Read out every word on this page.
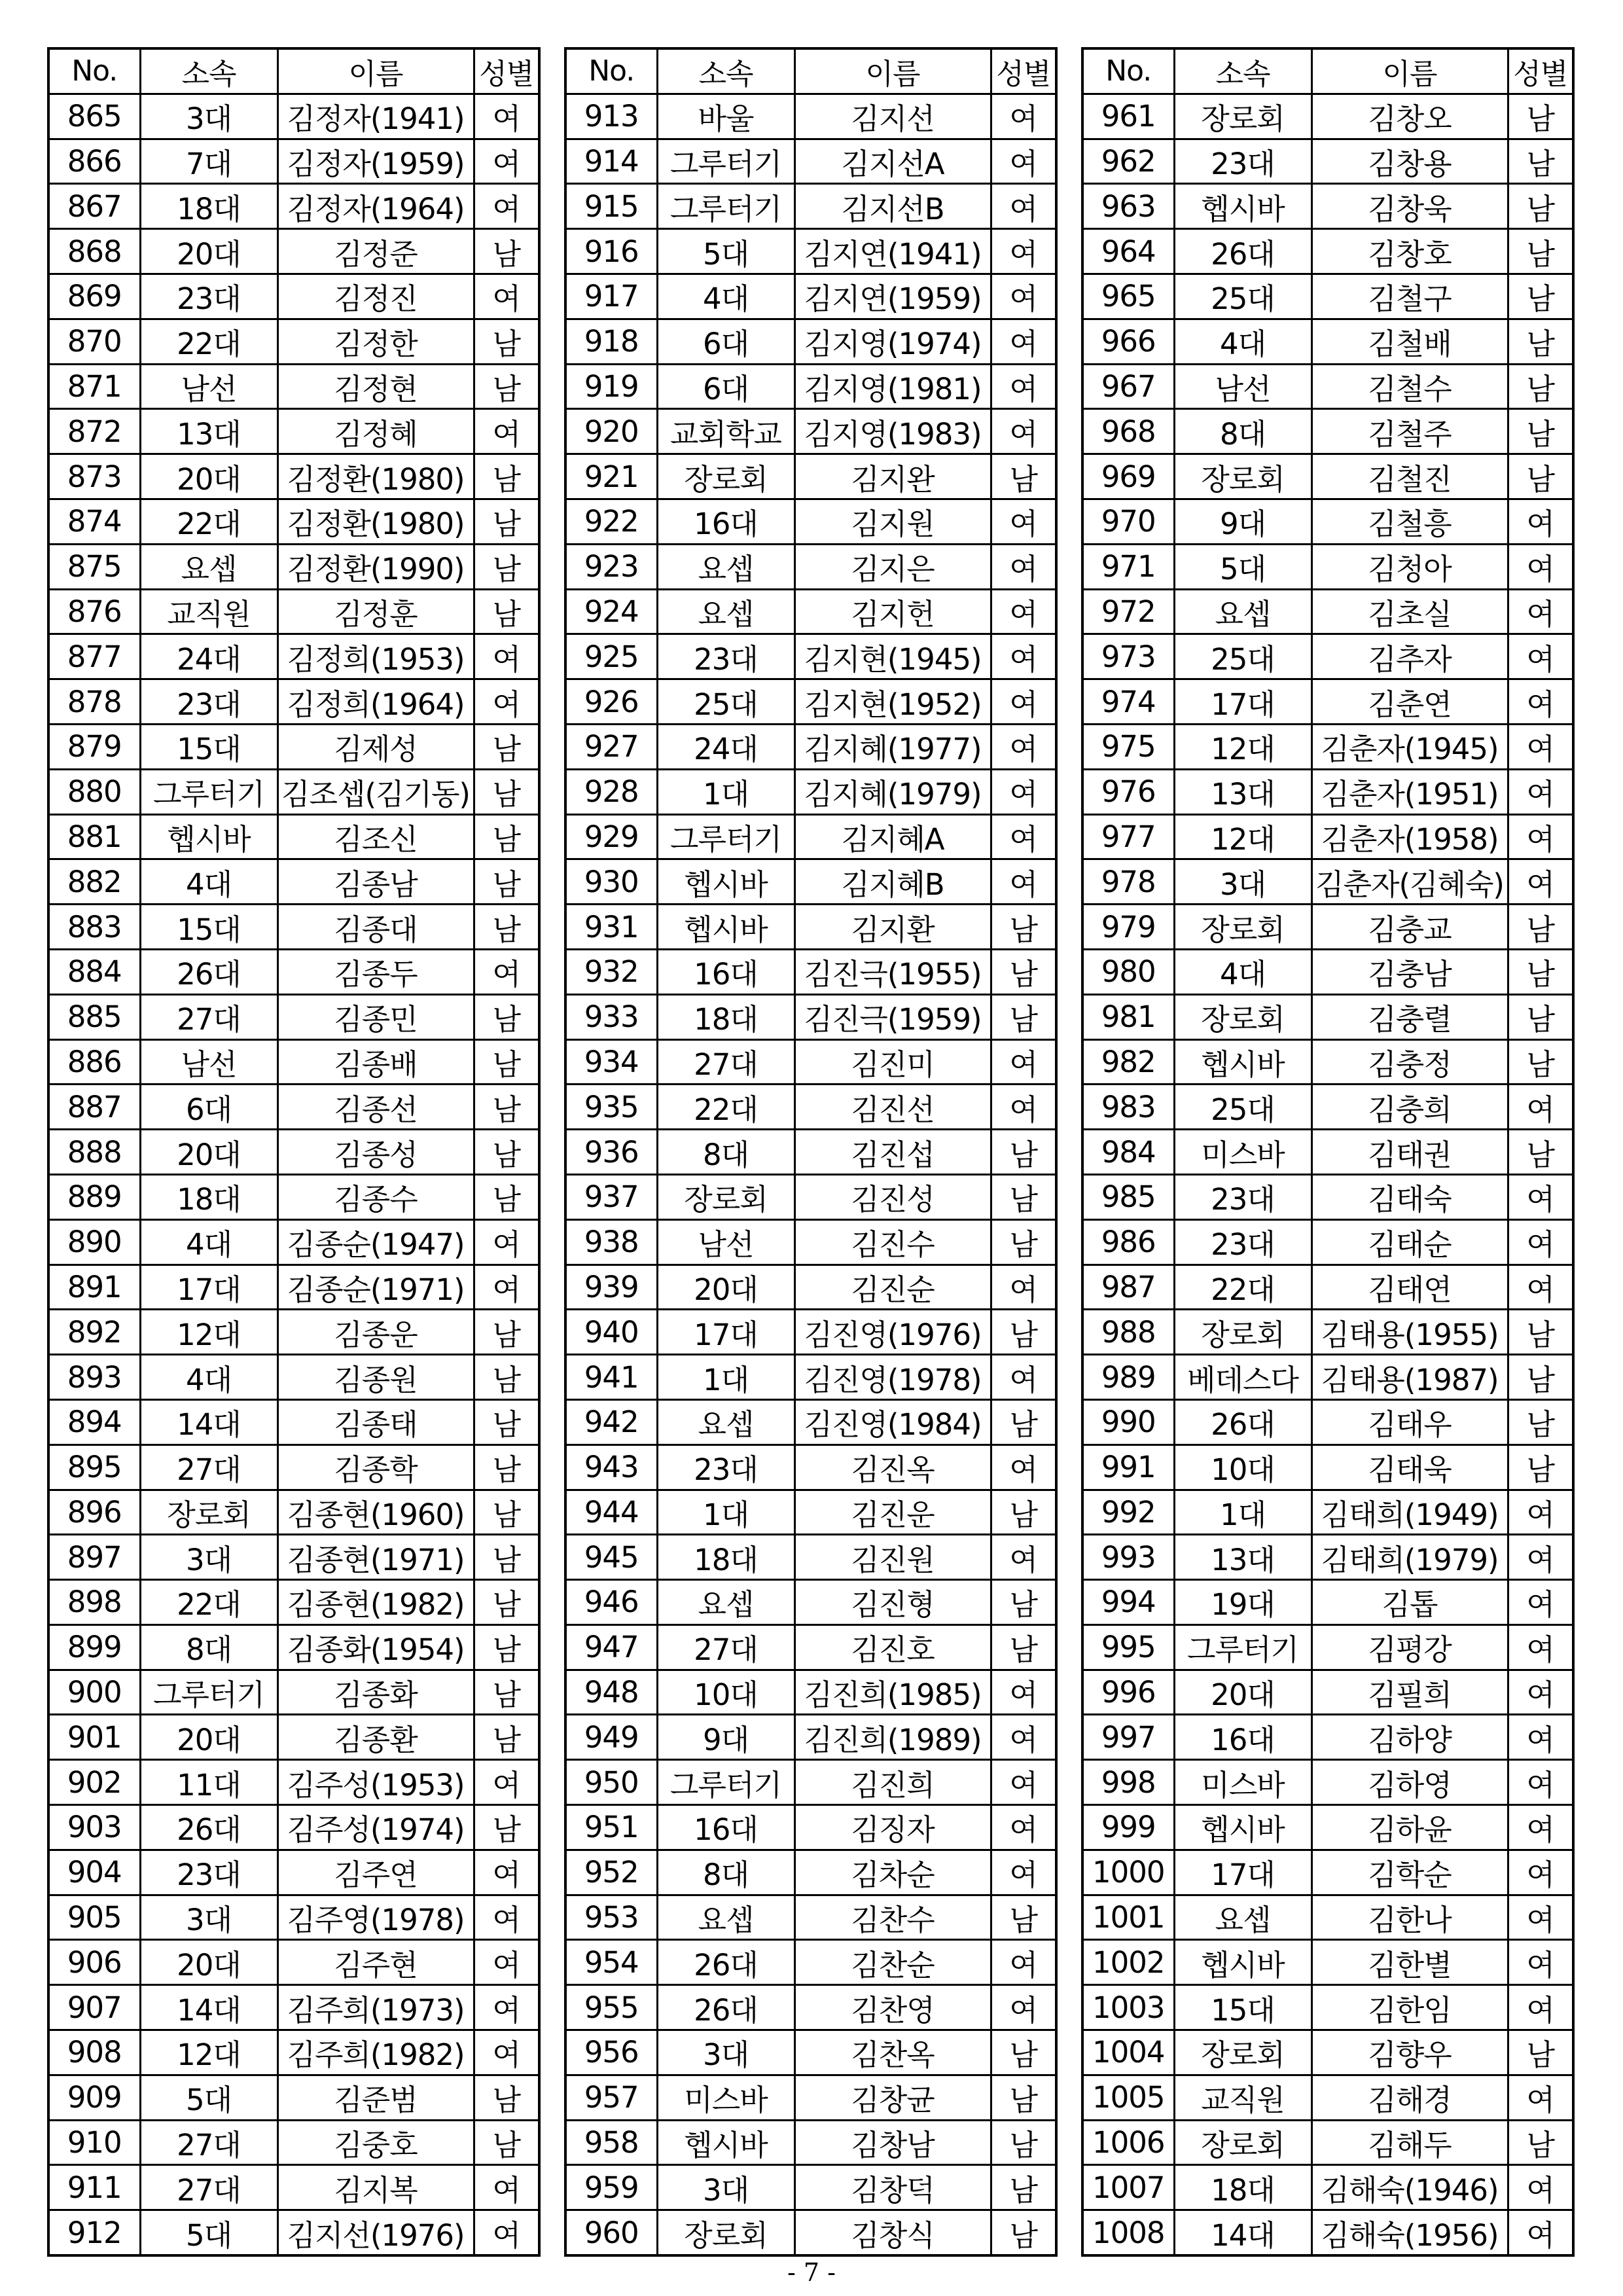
No.	소속	이름	성별
865	3대	김정자(1941)	여
866	7대	김정자(1959)	여
867	18대	김정자(1964)	여
868	20대	김정준	남
869	23대	김정진	여
870	22대	김정한	남
871	남선	김정현	남
872	13대	김정혜	여
873	20대	김정환(1980)	남
874	22대	김정환(1980)	남
875	요셉	김정환(1990)	남
876	교직원	김정훈	남
877	24대	김정희(1953)	여
878	23대	김정희(1964)	여
879	15대	김제성	남
880	그루터기	김조셉(김기동)	남
881	헵시바	김조신	남
882	4대	김종남	남
883	15대	김종대	남
884	26대	김종두	여
885	27대	김종민	남
886	남선	김종배	남
887	6대	김종선	남
888	20대	김종성	남
889	18대	김종수	남
890	4대	김종순(1947)	여
891	17대	김종순(1971)	여
892	12대	김종운	남
893	4대	김종원	남
894	14대	김종태	남
895	27대	김종학	남
896	장로회	김종현(1960)	남
897	3대	김종현(1971)	남
898	22대	김종현(1982)	남
899	8대	김종화(1954)	남
900	그루터기	김종화	남
901	20대	김종환	남
902	11대	김주성(1953)	여
903	26대	김주성(1974)	남
904	23대	김주연	여
905	3대	김주영(1978)	여
906	20대	김주현	여
907	14대	김주희(1973)	여
908	12대	김주희(1982)	여
909	5대	김준범	남
910	27대	김중호	남
911	27대	김지복	여
912	5대	김지선(1976)	여
No.	소속	이름	성별
913	바울	김지선	여
914	그루터기	김지선A	여
915	그루터기	김지선B	여
916	5대	김지연(1941)	여
917	4대	김지연(1959)	여
918	6대	김지영(1974)	여
919	6대	김지영(1981)	여
920	교회학교	김지영(1983)	여
921	장로회	김지완	남
922	16대	김지원	여
923	요셉	김지은	여
924	요셉	김지헌	여
925	23대	김지현(1945)	여
926	25대	김지현(1952)	여
927	24대	김지혜(1977)	여
928	1대	김지혜(1979)	여
929	그루터기	김지혜A	여
930	헵시바	김지혜B	여
931	헵시바	김지환	남
932	16대	김진극(1955)	남
933	18대	김진극(1959)	남
934	27대	김진미	여
935	22대	김진선	여
936	8대	김진섭	남
937	장로회	김진성	남
938	남선	김진수	남
939	20대	김진순	여
940	17대	김진영(1976)	남
941	1대	김진영(1978)	여
942	요셉	김진영(1984)	남
943	23대	김진옥	여
944	1대	김진운	남
945	18대	김진원	여
946	요셉	김진형	남
947	27대	김진호	남
948	10대	김진희(1985)	여
949	9대	김진희(1989)	여
950	그루터기	김진희	여
951	16대	김징자	여
952	8대	김차순	여
953	요셉	김찬수	남
954	26대	김찬순	여
955	26대	김찬영	여
956	3대	김찬옥	남
957	미스바	김창균	남
958	헵시바	김창남	남
959	3대	김창덕	남
960	장로회	김창식	남
No.	소속	이름	성별
961	장로회	김창오	남
962	23대	김창용	남
963	헵시바	김창욱	남
964	26대	김창호	남
965	25대	김철구	남
966	4대	김철배	남
967	남선	김철수	남
968	8대	김철주	남
969	장로회	김철진	남
970	9대	김철흥	여
971	5대	김청아	여
972	요셉	김초실	여
973	25대	김추자	여
974	17대	김춘연	여
975	12대	김춘자(1945)	여
976	13대	김춘자(1951)	여
977	12대	김춘자(1958)	여
978	3대	김춘자(김혜숙)	여
979	장로회	김충교	남
980	4대	김충남	남
981	장로회	김충렬	남
982	헵시바	김충정	남
983	25대	김충희	여
984	미스바	김태권	남
985	23대	김태숙	여
986	23대	김태순	여
987	22대	김태연	여
988	장로회	김태용(1955)	남
989	베데스다	김태용(1987)	남
990	26대	김태우	남
991	10대	김태욱	남
992	1대	김태희(1949)	여
993	13대	김태희(1979)	여
994	19대	김톱	여
995	그루터기	김평강	여
996	20대	김필희	여
997	16대	김하양	여
998	미스바	김하영	여
999	헵시바	김하윤	여
1000	17대	김학순	여
1001	요셉	김한나	여
1002	헵시바	김한별	여
1003	15대	김한임	여
1004	장로회	김향우	남
1005	교직원	김해경	여
1006	장로회	김해두	남
1007	18대	김해숙(1946)	여
1008	14대	김해숙(1956)	여
- 7 -
